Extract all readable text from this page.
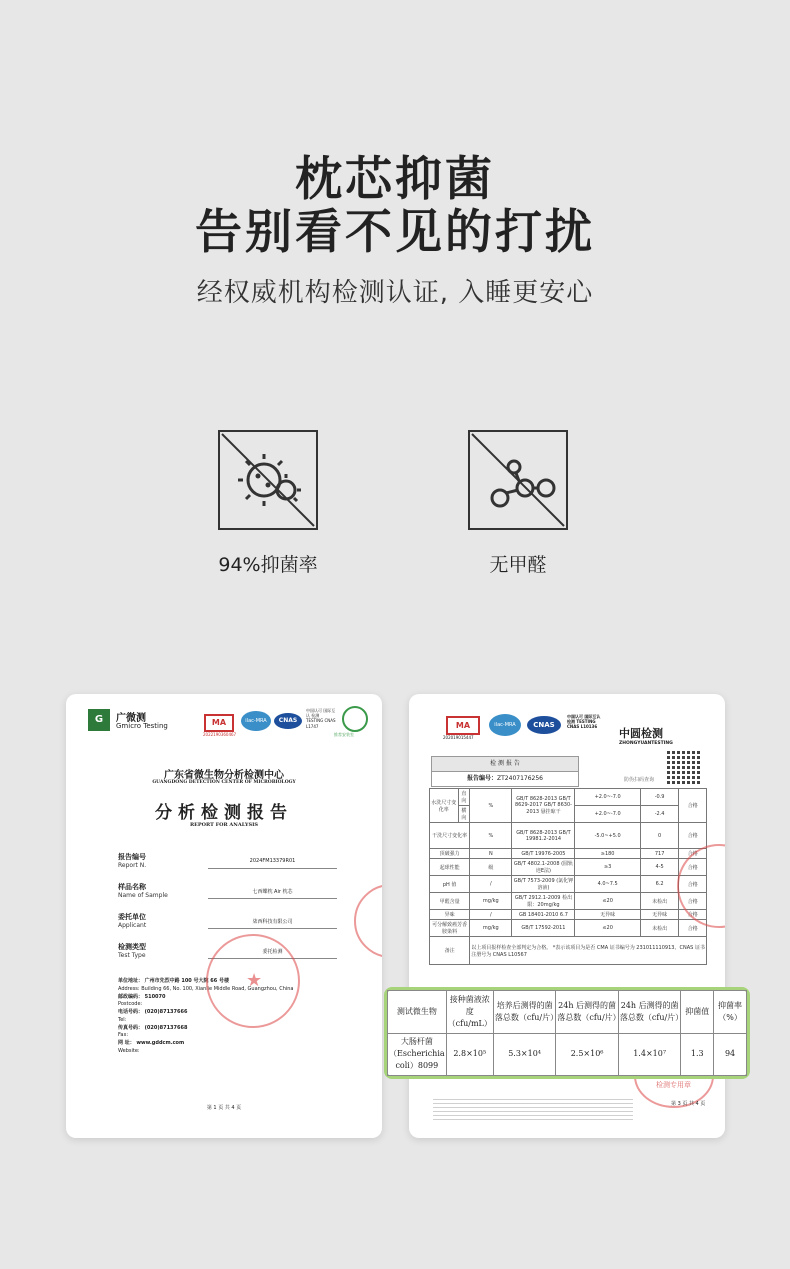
枕芯抑菌
告别看不见的打扰
经权威机构检测认证, 入睡更安心
94%抑菌率	无甲醛
G	广微测
Gmicro Testing	MA
2022190360467
ilac-MRA	CNAS
中国认可 国际互认 检测 TESTING CNAS L1747
推荐安装室
广东省微生物分析检测中心
GUANGDONG DETECTION CENTER OF MICROBIOLOGY
分析检测报告
REPORT FOR ANALYSIS
报告编号
Report N.
2024FM13379R01
样品名称
Name of Sample	七西蝶枕 Air 枕芯
委托单位
Applicant	柒西科技有限公司
检测类型
Test Type	委托检测
单位地址： 广州市先烈中路 100 号大院 66 号楼
Address: Building 66, No. 100, Xianlie Middle Road, Guangzhou, China
邮政编码： 510070
Postcode:
电话号码： (020)87137666
Tel:
传真号码： (020)87137668
Fax:
网 址： www.gddcm.com
Website:
★
第 1 页 共 4 页
MA
202019015447
ilac-MRA	CNAS
中国认可 国际互认 检测 TESTING CNAS L10136
中圆检测
ZHONGYUANTESTING
检 测 报 告
报告编号：ZT2407176256	防伪扫码查询
水洗尺寸变化率	直向	%	GB/T 8628-2013 GB/T 8629-2017 GB/T 8630-2013 悬挂晾干	+2.0~-7.0	-0.9	合格
	横向			+2.0~-7.0	-2.4	
干洗尺寸变化率		%	GB/T 8628-2013 GB/T 19981.2-2014	-5.0~+5.0	0	合格
顶破强力		N	GB/T 19976-2005	≥180	717	合格
起球性能		级	GB/T 4802.1-2008 (圆轨迹E法)	≥3	4-5	合格
pH 值		/	GB/T 7573-2009 (氯化钾溶液)	4.0~7.5	6.2	合格
甲醛含量		mg/kg	GB/T 2912.1-2009 检出限：20mg/kg	≤20	未检出	合格
异味		/	GB 18401-2010 6.7	无异味	无异味	合格
可分解致癌芳香胺染料		mg/kg	GB/T 17592-2011	≤20	未检出	合格
备注		以上项目报样检查全部判定为合格。 *表示该项目为是否 CMA 证书编号为 231011110913、CNAS 证书注册号为 CNAS L10567				
检测专用章
第 3 页 共 4 页
测试微生物	接种菌液浓度（cfu/mL）	培养后测得的菌落总数（cfu/片）	24h 后测得的菌落总数（cfu/片）	24h 后测得的菌落总数（cfu/片）	抑菌值	抑菌率（%）
大肠杆菌（Escherichia coli）8099	2.8×10⁵	5.3×10⁴	2.5×10⁶	1.4×10⁷	1.3	94
